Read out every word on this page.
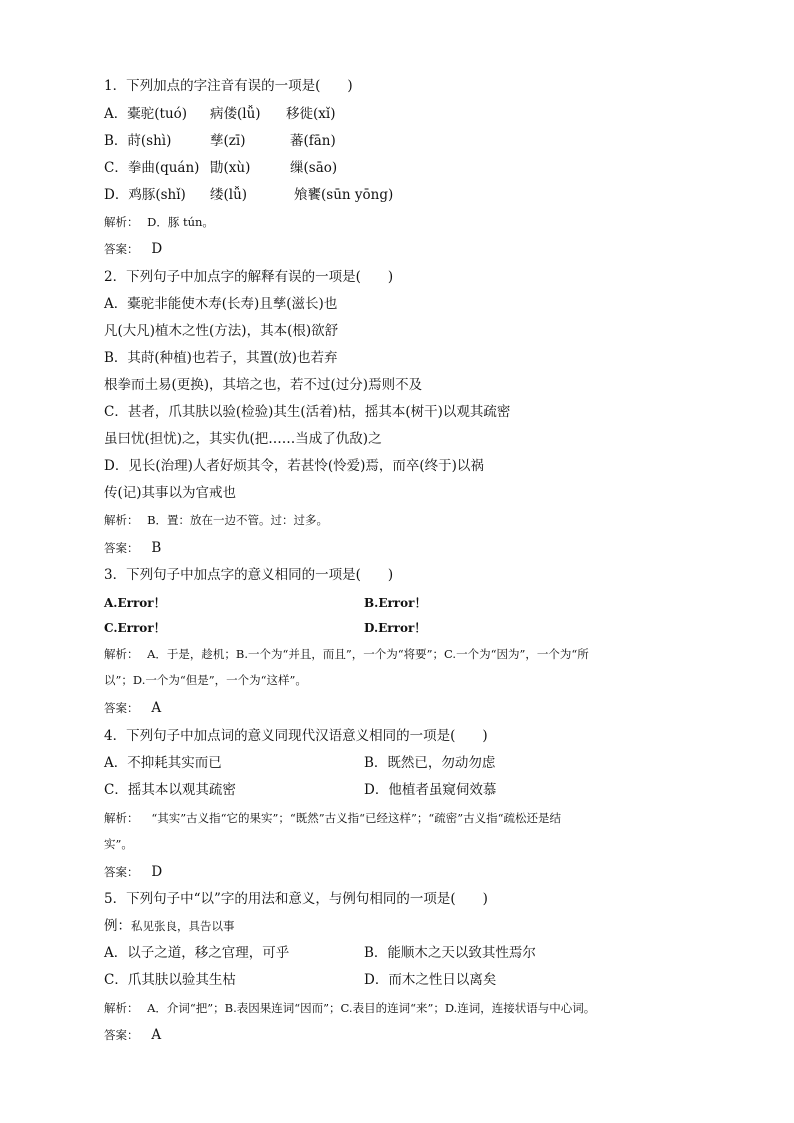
1．下列加点的字注音有误的一项是(　　)
A．橐驼(tuó) 病偻(lǚ) 移徙(xǐ)
B．莳(shì)	孳(zī)	蕃(fān)
C．拳曲(quán) 勖(xù)	缫(sāo)
D．鸡豚(shǐ) 缕(lǚ)	飧饔(sūn yōng)
解析： D．豚 tún。
答案： D
2．下列句子中加点字的解释有误的一项是(　　)
A．橐驼非能使木寿(长寿)且孳(滋长)也
凡(大凡)植木之性(方法)，其本(根)欲舒
B．其莳(种植)也若子，其置(放)也若弃
根拳而土易(更换)，其培之也，若不过(过分)焉则不及
C．甚者，爪其肤以验(检验)其生(活着)枯，摇其本(树干)以观其疏密
虽曰忧(担忧)之，其实仇(把……当成了仇敌)之
D．见长(治理)人者好烦其令，若甚怜(怜爱)焉，而卒(终于)以祸
传(记)其事以为官戒也
解析： B．置：放在一边不管。过：过多。
答案： B
3．下列句子中加点字的意义相同的一项是(　　)
A.Error！	B.Error！
C.Error！	D.Error！
解析： A．于是，趁机；B.一个为“并且，而且”，一个为“将要”；C.一个为“因为”，一个为“所
以”；D.一个为“但是”，一个为“这样”。
答案： A
4．下列句子中加点词的意义同现代汉语意义相同的一项是(　　)
A．不抑耗其实而已	B．既然已，勿动勿虑
C．摇其本以观其疏密	D．他植者虽窥伺效慕
解析： “其实”古义指“它的果实”；“既然”古义指“已经这样”；“疏密”古义指“疏松还是结
实”。
答案： D
5．下列句子中“以”字的用法和意义，与例句相同的一项是(　　)
例：私见张良，具告以事
A．以子之道，移之官理，可乎	B．能顺木之天以致其性焉尔
C．爪其肤以验其生枯	D．而木之性日以离矣
解析： A．介词“把”；B.表因果连词“因而”；C.表目的连词“来”；D.连词，连接状语与中心词。
答案： A
